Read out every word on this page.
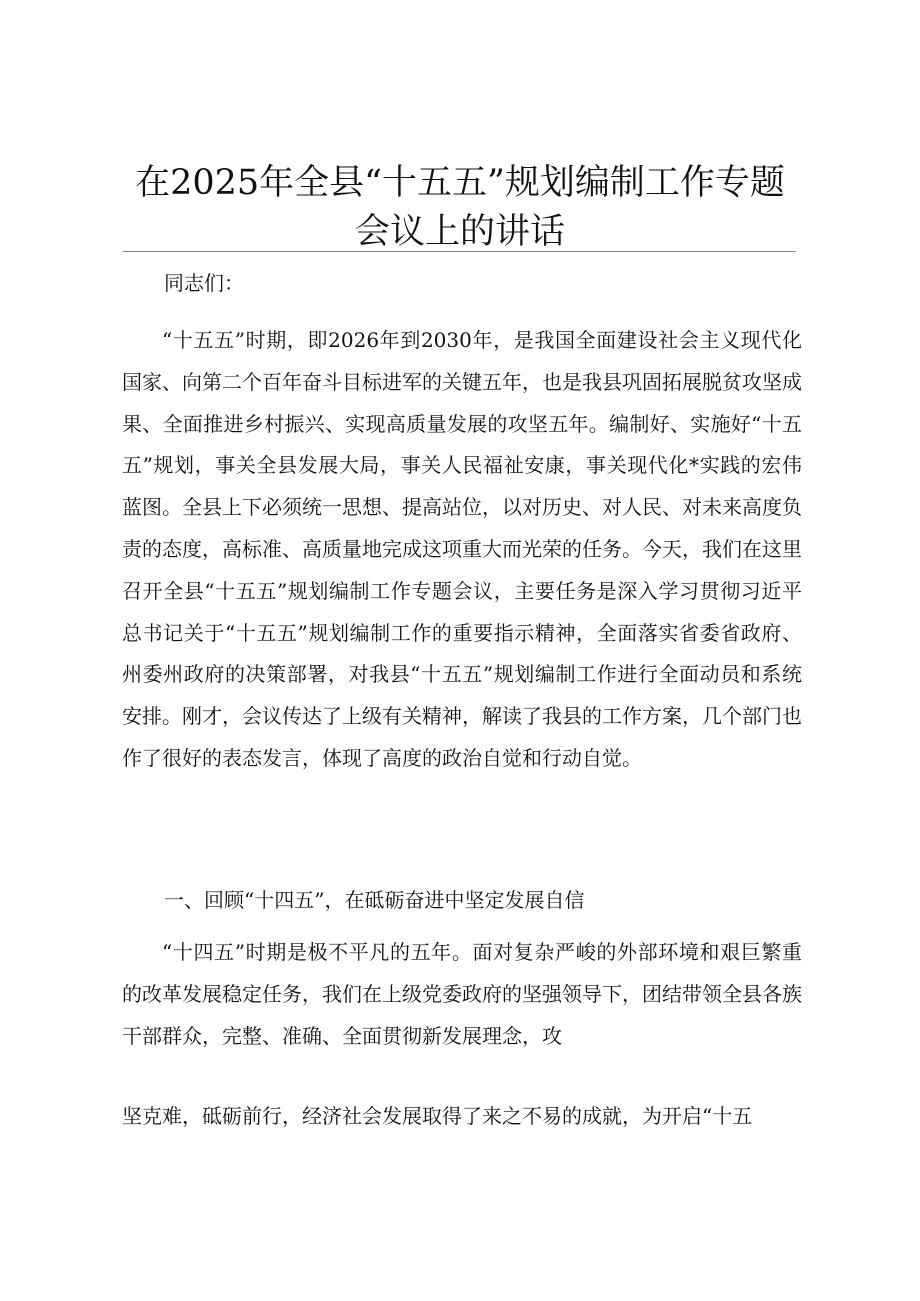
在2025年全县“十五五”规划编制工作专题
会议上的讲话

同志们：

“十五五”时期，即2026年到2030年，是我国全面建设社会主义现代化国家、向第二个百年奋斗目标进军的关键五年，也是我县巩固拓展脱贫攻坚成果、全面推进乡村振兴、实现高质量发展的攻坚五年。编制好、实施好“十五五”规划，事关全县发展大局，事关人民福祉安康，事关现代化*实践的宏伟蓝图。全县上下必须统一思想、提高站位，以对历史、对人民、对未来高度负责的态度，高标准、高质量地完成这项重大而光荣的任务。今天，我们在这里召开全县“十五五”规划编制工作专题会议，主要任务是深入学习贯彻习近平总书记关于“十五五”规划编制工作的重要指示精神，全面落实省委省政府、州委州政府的决策部署，对我县“十五五”规划编制工作进行全面动员和系统安排。刚才，会议传达了上级有关精神，解读了我县的工作方案，几个部门也作了很好的表态发言，体现了高度的政治自觉和行动自觉。

一、回顾“十四五”，在砥砺奋进中坚定发展自信

“十四五”时期是极不平凡的五年。面对复杂严峻的外部环境和艰巨繁重的改革发展稳定任务，我们在上级党委政府的坚强领导下，团结带领全县各族干部群众，完整、准确、全面贯彻新发展理念，攻

坚克难，砥砺前行，经济社会发展取得了来之不易的成就，为开启“十五
